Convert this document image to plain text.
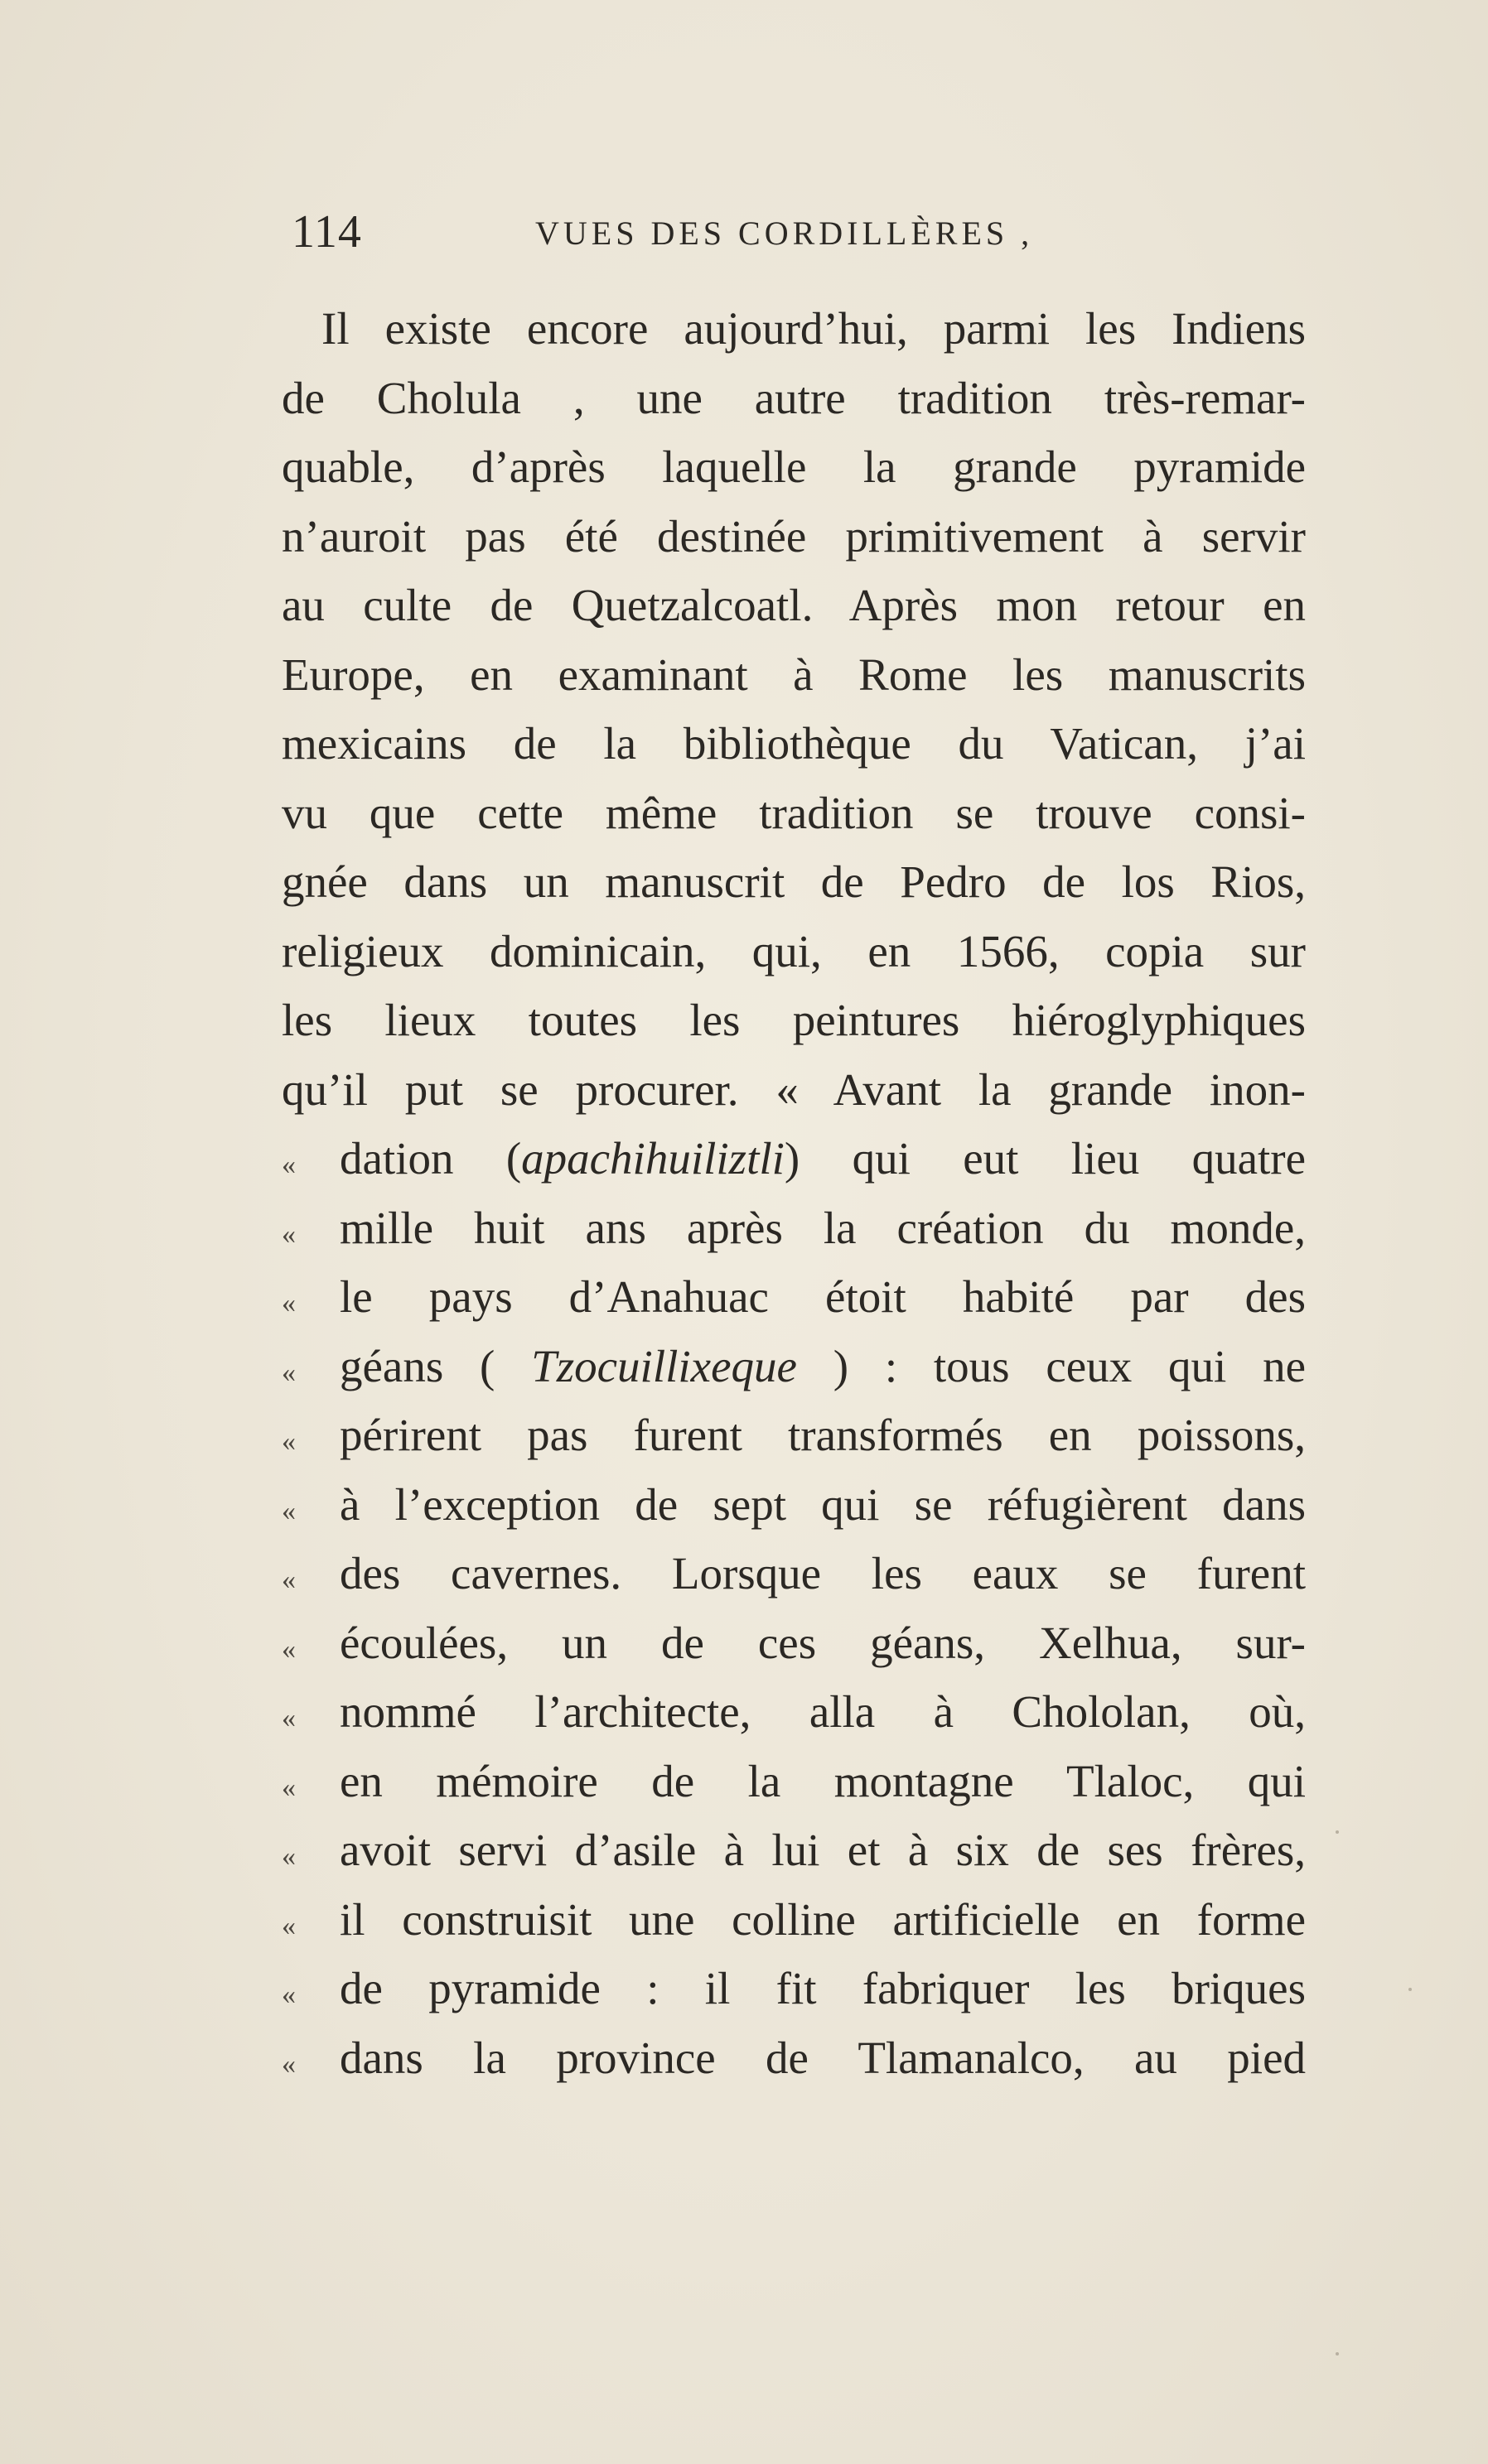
114	VUES DES CORDILLÈRES ,
Il existe encore aujourd’hui, parmi les Indiens
de Cholula , une autre tradition très-remar-
quable, d’après laquelle la grande pyramide
n’auroit pas été destinée primitivement à servir
au culte de Quetzalcoatl. Après mon retour en
Europe, en examinant à Rome les manuscrits
mexicains de la bibliothèque du Vatican, j’ai
vu que cette même tradition se trouve consi-
gnée dans un manuscrit de Pedro de los Rios,
religieux dominicain, qui, en 1566, copia sur
les lieux toutes les peintures hiéroglyphiques
qu’il put se procurer. « Avant la grande inon-
« dation (apachihuiliztli) qui eut lieu quatre
« mille huit ans après la création du monde,
« le pays d’Anahuac étoit habité par des
« géans ( Tzocuillixeque ) : tous ceux qui ne
« périrent pas furent transformés en poissons,
« à l’exception de sept qui se réfugièrent dans
« des cavernes. Lorsque les eaux se furent
« écoulées, un de ces géans, Xelhua, sur-
« nommé l’architecte, alla à Chololan, où,
« en mémoire de la montagne Tlaloc, qui
« avoit servi d’asile à lui et à six de ses frères,
« il construisit une colline artificielle en forme
« de pyramide : il fit fabriquer les briques
« dans la province de Tlamanalco, au pied
